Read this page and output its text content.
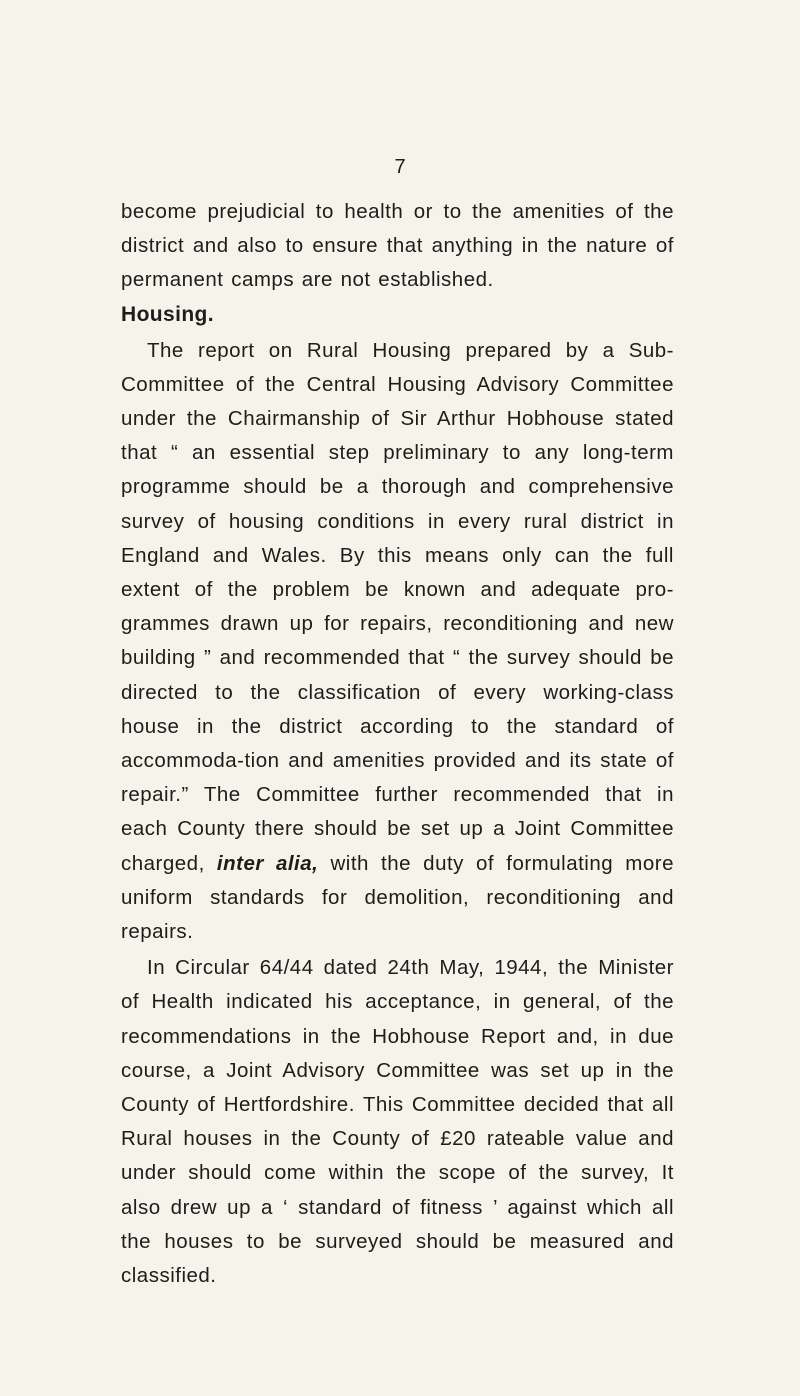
7

become prejudicial to health or to the amenities of the district and also to ensure that anything in the nature of permanent camps are not established.

Housing.

The report on Rural Housing prepared by a Sub-Committee of the Central Housing Advisory Committee under the Chairmanship of Sir Arthur Hobhouse stated that “ an essential step preliminary to any long-term programme should be a thorough and comprehensive survey of housing conditions in every rural district in England and Wales. By this means only can the full extent of the problem be known and adequate pro-grammes drawn up for repairs, reconditioning and new building ” and recommended that “ the survey should be directed to the classification of every working-class house in the district according to the standard of accommoda-tion and amenities provided and its state of repair.” The Committee further recommended that in each County there should be set up a Joint Committee charged, inter alia, with the duty of formulating more uniform standards for demolition, reconditioning and repairs.

In Circular 64/44 dated 24th May, 1944, the Minister of Health indicated his acceptance, in general, of the recommendations in the Hobhouse Report and, in due course, a Joint Advisory Committee was set up in the County of Hertfordshire. This Committee decided that all Rural houses in the County of £20 rateable value and under should come within the scope of the survey, It also drew up a ‘ standard of fitness ’ against which all the houses to be surveyed should be measured and classified.
